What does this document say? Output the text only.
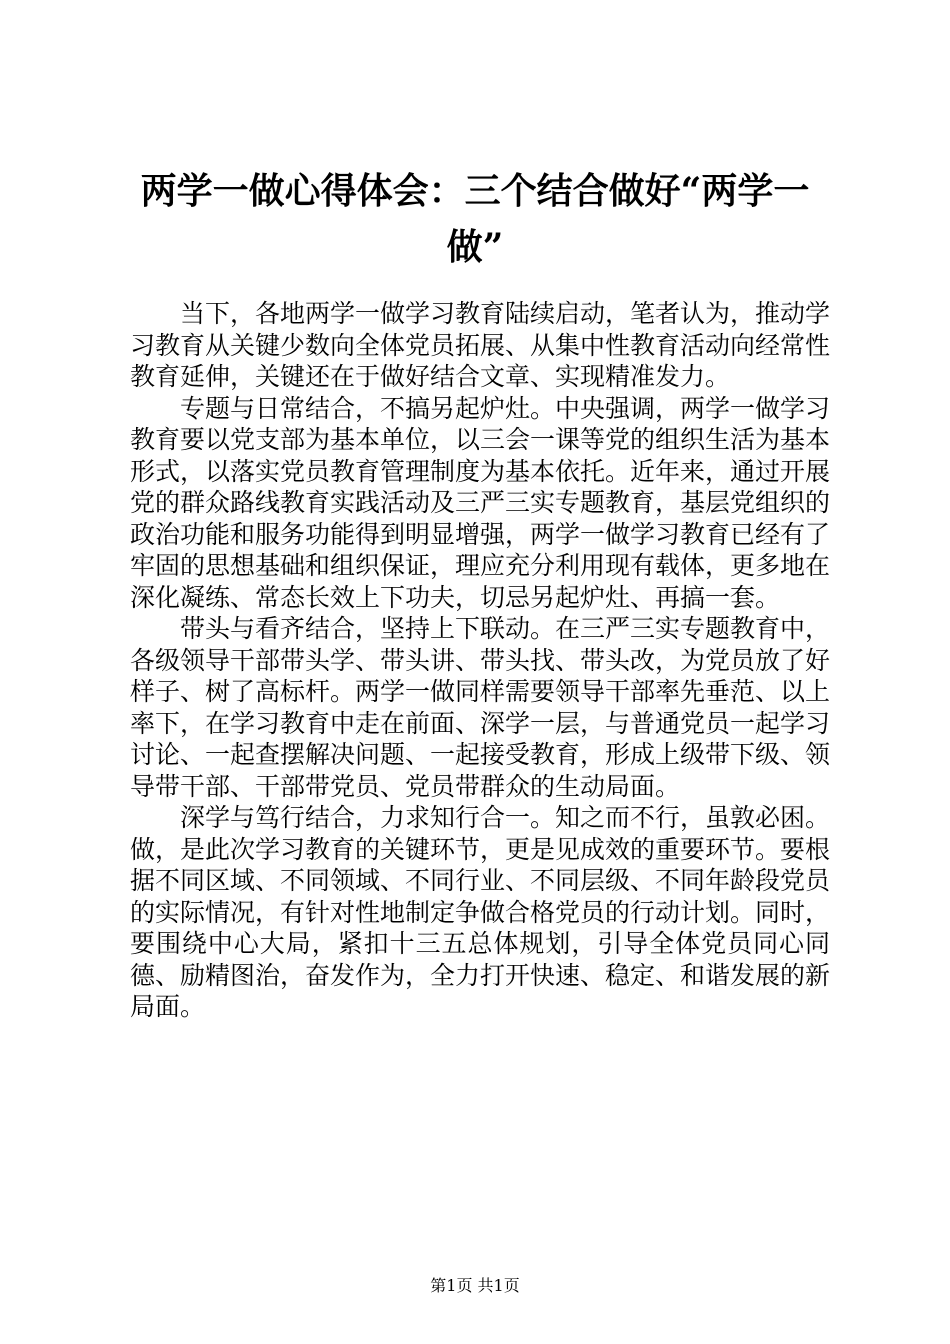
两学一做心得体会：三个结合做好“两学一做”

当下，各地两学一做学习教育陆续启动，笔者认为，推动学习教育从关键少数向全体党员拓展、从集中性教育活动向经常性教育延伸，关键还在于做好结合文章、实现精准发力。

专题与日常结合，不搞另起炉灶。中央强调，两学一做学习教育要以党支部为基本单位，以三会一课等党的组织生活为基本形式，以落实党员教育管理制度为基本依托。近年来，通过开展党的群众路线教育实践活动及三严三实专题教育，基层党组织的政治功能和服务功能得到明显增强，两学一做学习教育已经有了牢固的思想基础和组织保证，理应充分利用现有载体，更多地在深化凝练、常态长效上下功夫，切忌另起炉灶、再搞一套。

带头与看齐结合，坚持上下联动。在三严三实专题教育中，各级领导干部带头学、带头讲、带头找、带头改，为党员放了好样子、树了高标杆。两学一做同样需要领导干部率先垂范、以上率下，在学习教育中走在前面、深学一层，与普通党员一起学习讨论、一起查摆解决问题、一起接受教育，形成上级带下级、领导带干部、干部带党员、党员带群众的生动局面。

深学与笃行结合，力求知行合一。知之而不行，虽敦必困。做，是此次学习教育的关键环节，更是见成效的重要环节。要根据不同区域、不同领域、不同行业、不同层级、不同年龄段党员的实际情况，有针对性地制定争做合格党员的行动计划。同时，要围绕中心大局，紧扣十三五总体规划，引导全体党员同心同德、励精图治，奋发作为，全力打开快速、稳定、和谐发展的新局面。

第1页 共1页
